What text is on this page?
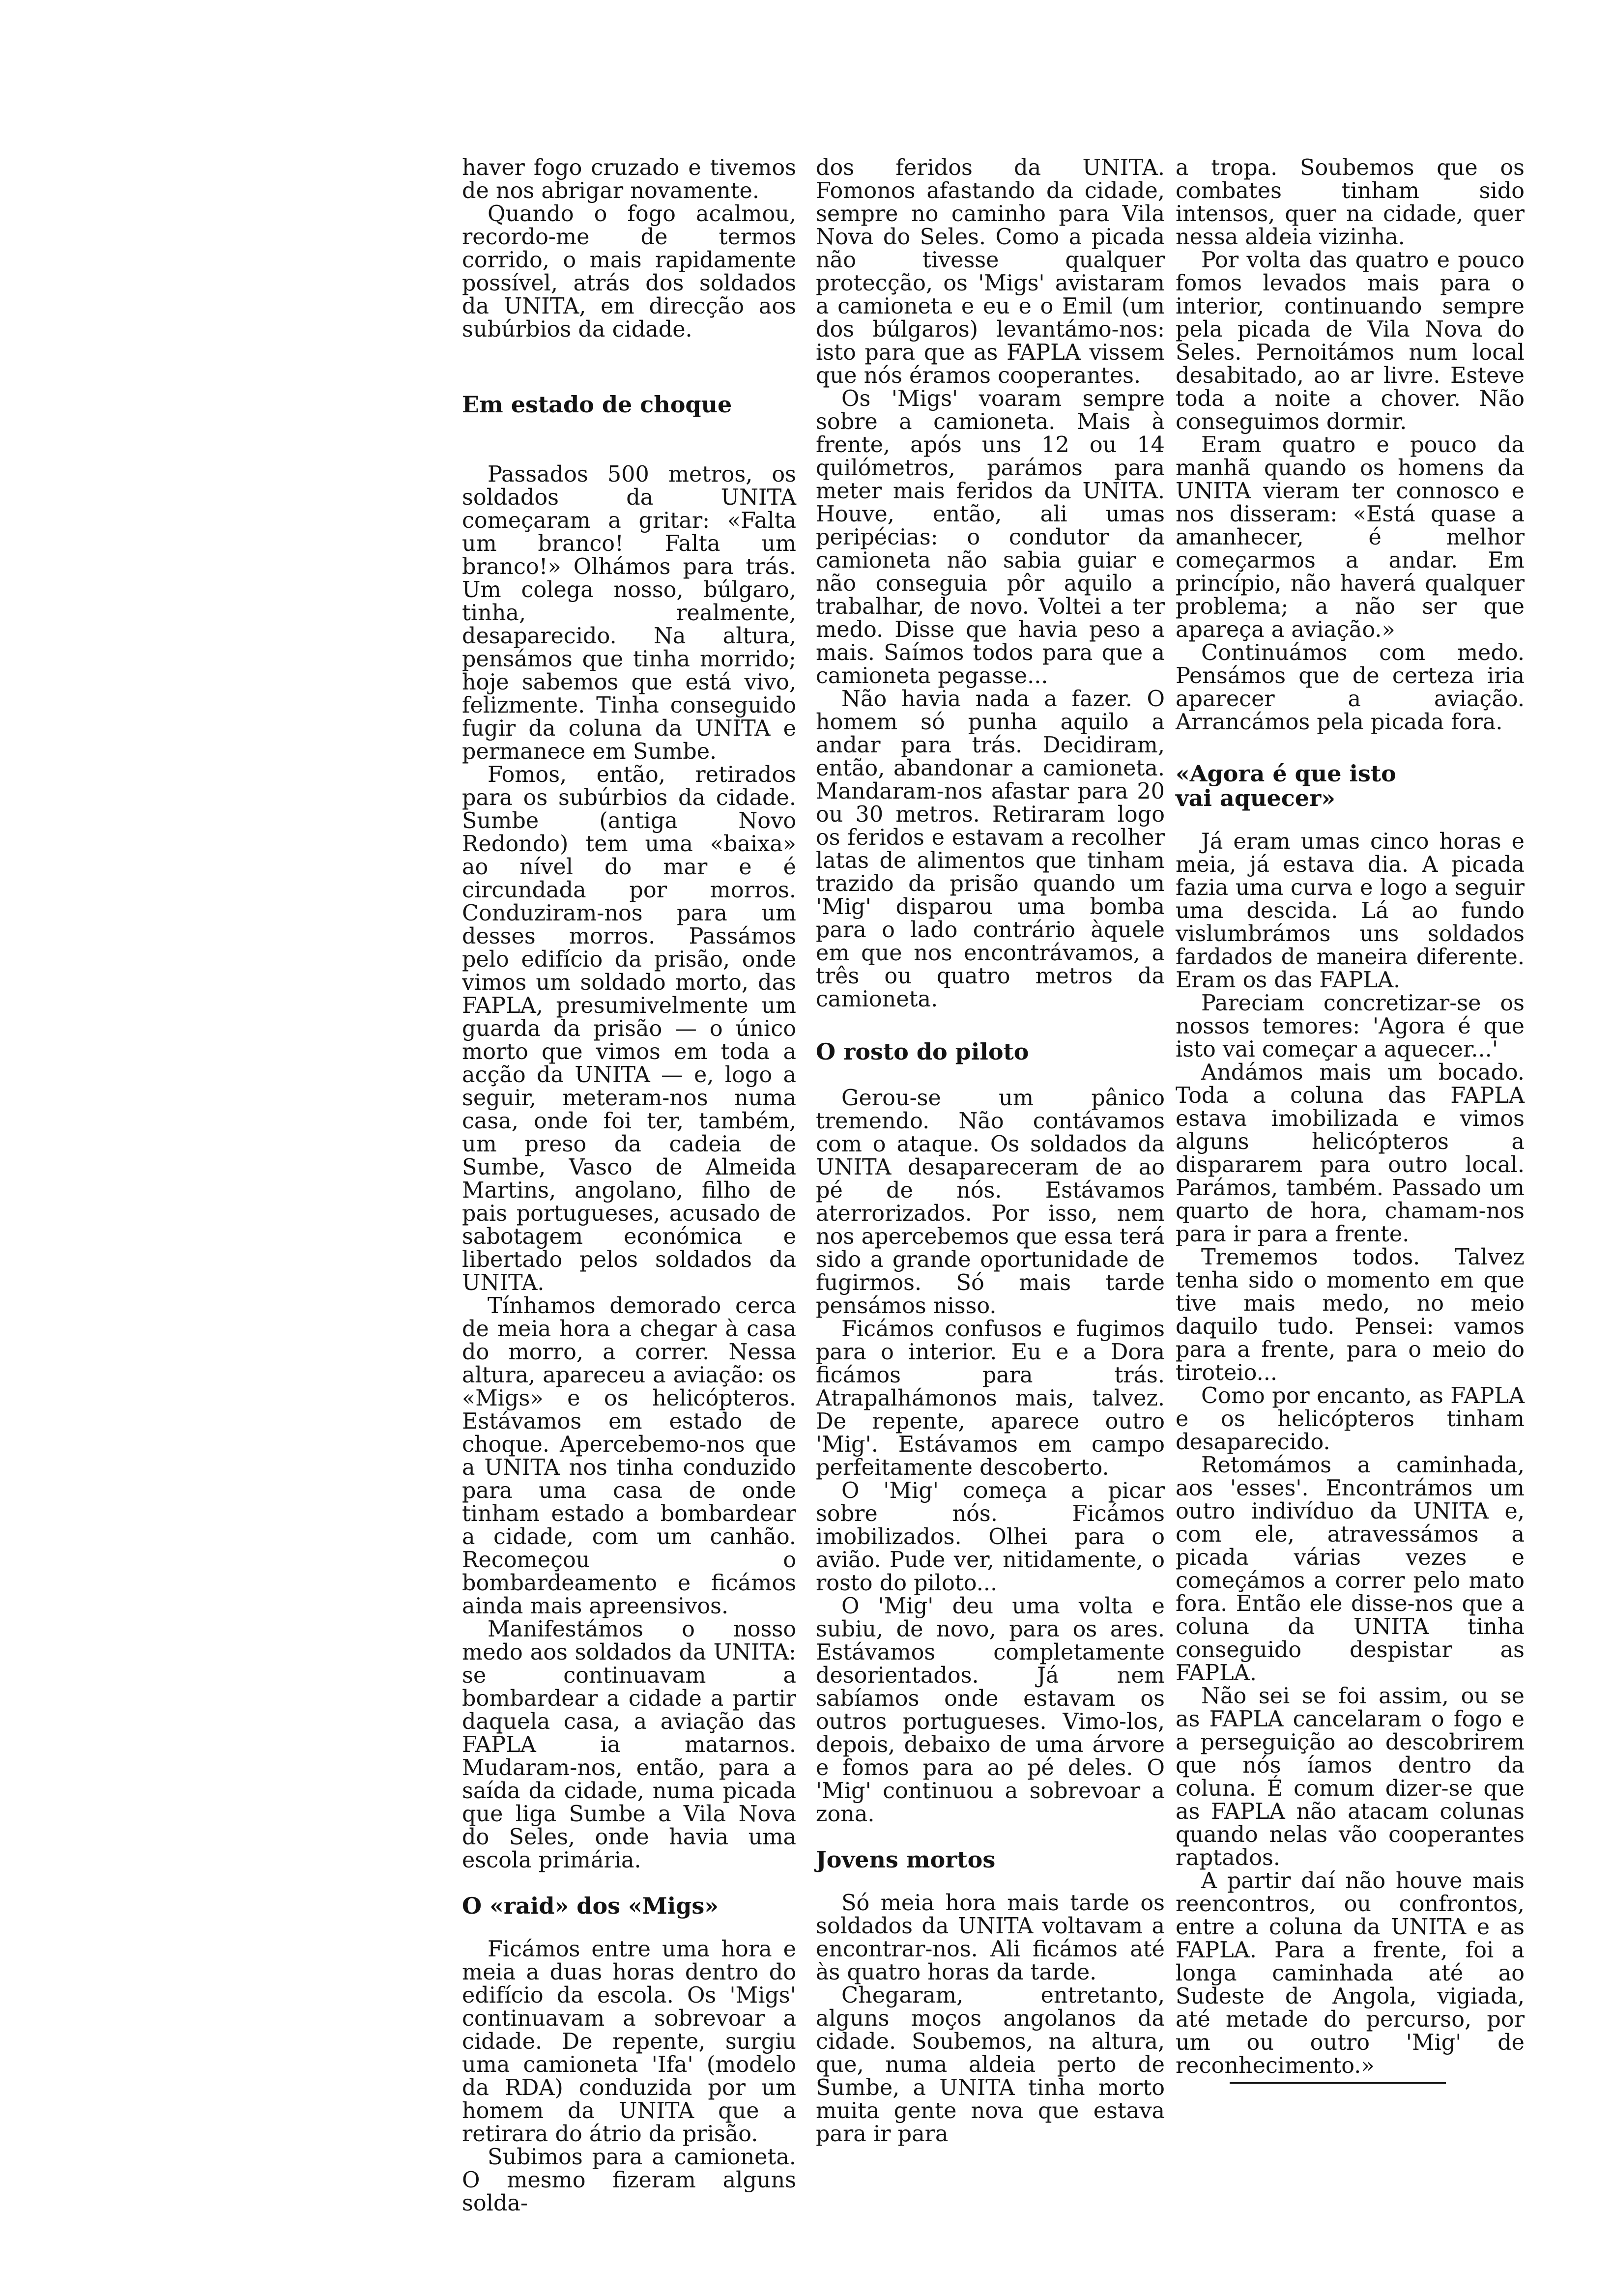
haver fogo cruzado e tivemos de nos abrigar novamente.

Quando o fogo acalmou, recordo-me de termos corrido, o mais rapidamente possível, atrás dos soldados da UNITA, em direcção aos subúrbios da cidade.

Em estado de choque

Passados 500 metros, os soldados da UNITA começaram a gritar: «Falta um branco! Falta um branco!» Olhámos para trás. Um colega nosso, búlgaro, tinha, realmente, desaparecido. Na altura, pensámos que tinha morrido; hoje sabemos que está vivo, felizmente. Tinha conseguido fugir da coluna da UNITA e permanece em Sumbe.

Fomos, então, retirados para os subúrbios da cidade. Sumbe (antiga Novo Redondo) tem uma «baixa» ao nível do mar e é circundada por morros. Conduziram-nos para um desses morros. Passámos pelo edifício da prisão, onde vimos um soldado morto, das FAPLA, presumivelmente um guarda da prisão — o único morto que vimos em toda a acção da UNITA — e, logo a seguir, meteram-nos numa casa, onde foi ter, também, um preso da cadeia de Sumbe, Vasco de Almeida Martins, angolano, filho de pais portugueses, acusado de sabotagem económica e libertado pelos soldados da UNITA.

Tínhamos demorado cerca de meia hora a chegar à casa do morro, a correr. Nessa altura, apareceu a aviação: os «Migs» e os helicópteros. Estávamos em estado de choque. Apercebemo-nos que a UNITA nos tinha conduzido para uma casa de onde tinham estado a bombardear a cidade, com um canhão. Recomeçou o bombardeamento e ficámos ainda mais apreensivos.

Manifestámos o nosso medo aos soldados da UNITA: se continuavam a bombardear a cidade a partir daquela casa, a aviação das FAPLA ia matarnos. Mudaram-nos, então, para a saída da cidade, numa picada que liga Sumbe a Vila Nova do Seles, onde havia uma escola primária.

O «raid» dos «Migs»

Ficámos entre uma hora e meia a duas horas dentro do edifício da escola. Os 'Migs' continuavam a sobrevoar a cidade. De repente, surgiu uma camioneta 'Ifa' (modelo da RDA) conduzida por um homem da UNITA que a retirara do átrio da prisão.

Subimos para a camioneta. O mesmo fizeram alguns solda-

dos feridos da UNITA. Fomonos afastando da cidade, sempre no caminho para Vila Nova do Seles. Como a picada não tivesse qualquer protecção, os 'Migs' avistaram a camioneta e eu e o Emil (um dos búlgaros) levantámo-nos: isto para que as FAPLA vissem que nós éramos cooperantes.

Os 'Migs' voaram sempre sobre a camioneta. Mais à frente, após uns 12 ou 14 quilómetros, parámos para meter mais feridos da UNITA. Houve, então, ali umas peripécias: o condutor da camioneta não sabia guiar e não conseguia pôr aquilo a trabalhar, de novo. Voltei a ter medo. Disse que havia peso a mais. Saímos todos para que a camioneta pegasse...

Não havia nada a fazer. O homem só punha aquilo a andar para trás. Decidiram, então, abandonar a camioneta. Mandaram-nos afastar para 20 ou 30 metros. Retiraram logo os feridos e estavam a recolher latas de alimentos que tinham trazido da prisão quando um 'Mig' disparou uma bomba para o lado contrário àquele em que nos encontrávamos, a três ou quatro metros da camioneta.

O rosto do piloto

Gerou-se um pânico tremendo. Não contávamos com o ataque. Os soldados da UNITA desapareceram de ao pé de nós. Estávamos aterrorizados. Por isso, nem nos apercebemos que essa terá sido a grande oportunidade de fugirmos. Só mais tarde pensámos nisso.

Ficámos confusos e fugimos para o interior. Eu e a Dora ficámos para trás. Atrapalhámonos mais, talvez. De repente, aparece outro 'Mig'. Estávamos em campo perfeitamente descoberto.

O 'Mig' começa a picar sobre nós. Ficámos imobilizados. Olhei para o avião. Pude ver, nitidamente, o rosto do piloto...

O 'Mig' deu uma volta e subiu, de novo, para os ares. Estávamos completamente desorientados. Já nem sabíamos onde estavam os outros portugueses. Vimo-los, depois, debaixo de uma árvore e fomos para ao pé deles. O 'Mig' continuou a sobrevoar a zona.

Jovens mortos

Só meia hora mais tarde os soldados da UNITA voltavam a encontrar-nos. Ali ficámos até às quatro horas da tarde.

Chegaram, entretanto, alguns moços angolanos da cidade. Soubemos, na altura, que, numa aldeia perto de Sumbe, a UNITA tinha morto muita gente nova que estava para ir para

a tropa. Soubemos que os combates tinham sido intensos, quer na cidade, quer nessa aldeia vizinha.

Por volta das quatro e pouco fomos levados mais para o interior, continuando sempre pela picada de Vila Nova do Seles. Pernoitámos num local desabitado, ao ar livre. Esteve toda a noite a chover. Não conseguimos dormir.

Eram quatro e pouco da manhã quando os homens da UNITA vieram ter connosco e nos disseram: «Está quase a amanhecer, é melhor começarmos a andar. Em princípio, não haverá qualquer problema; a não ser que apareça a aviação.»

Continuámos com medo. Pensámos que de certeza iria aparecer a aviação. Arrancámos pela picada fora.

«Agora é que isto
vai aquecer»

Já eram umas cinco horas e meia, já estava dia. A picada fazia uma curva e logo a seguir uma descida. Lá ao fundo vislumbrámos uns soldados fardados de maneira diferente. Eram os das FAPLA.

Pareciam concretizar-se os nossos temores: 'Agora é que isto vai começar a aquecer...'

Andámos mais um bocado. Toda a coluna das FAPLA estava imobilizada e vimos alguns helicópteros a dispararem para outro local. Parámos, também. Passado um quarto de hora, chamam-nos para ir para a frente.

Trememos todos. Talvez tenha sido o momento em que tive mais medo, no meio daquilo tudo. Pensei: vamos para a frente, para o meio do tiroteio...

Como por encanto, as FAPLA e os helicópteros tinham desaparecido.

Retomámos a caminhada, aos 'esses'. Encontrámos um outro indivíduo da UNITA e, com ele, atravessámos a picada várias vezes e começámos a correr pelo mato fora. Então ele disse-nos que a coluna da UNITA tinha conseguido despistar as FAPLA.

Não sei se foi assim, ou se as FAPLA cancelaram o fogo e a perseguição ao descobrirem que nós íamos dentro da coluna. É comum dizer-se que as FAPLA não atacam colunas quando nelas vão cooperantes raptados.

A partir daí não houve mais reencontros, ou confrontos, entre a coluna da UNITA e as FAPLA. Para a frente, foi a longa caminhada até ao Sudeste de Angola, vigiada, até metade do percurso, por um ou outro 'Mig' de reconhecimento.»
